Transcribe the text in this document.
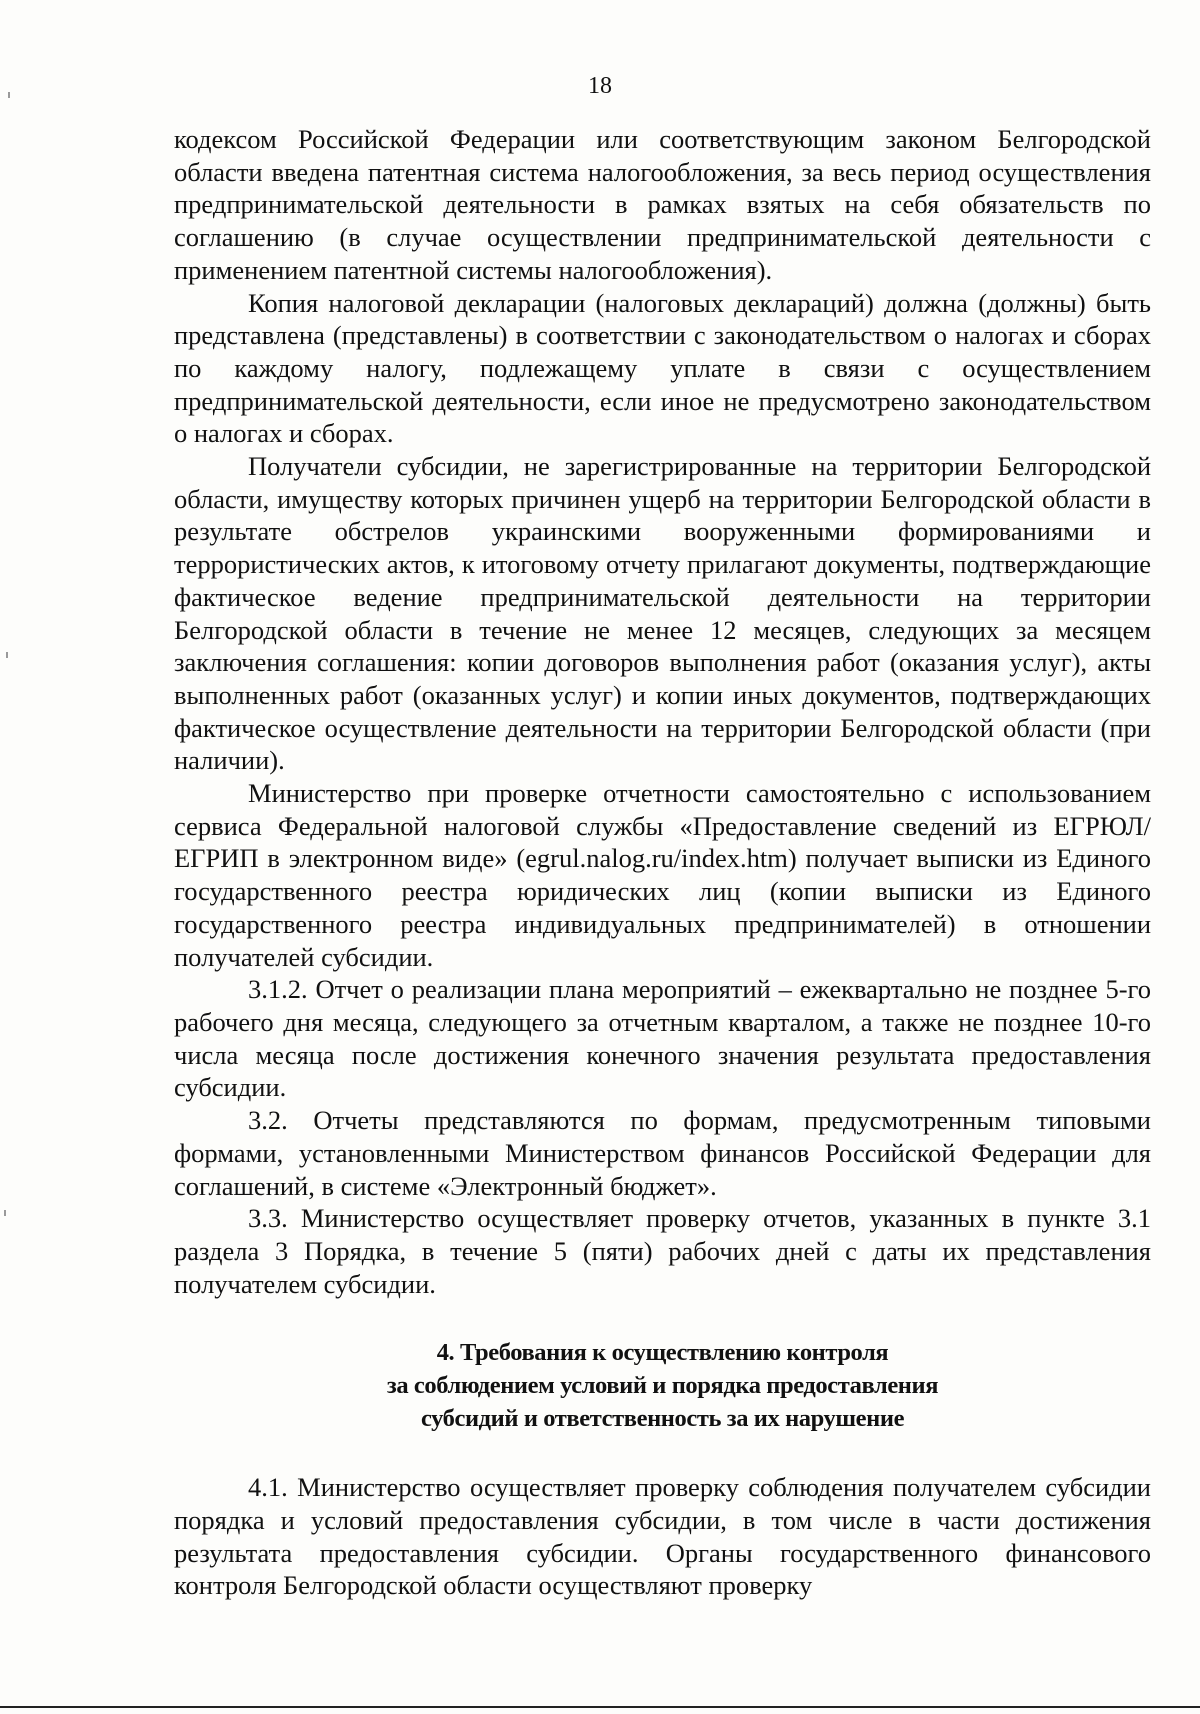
18

кодексом Российской Федерации или соответствующим законом Белгородской области введена патентная система налогообложения, за весь период осуществления предпринимательской деятельности в рамках взятых на себя обязательств по соглашению (в случае осуществлении предпринимательской деятельности с применением патентной системы налогообложения).

Копия налоговой декларации (налоговых деклараций) должна (должны) быть представлена (представлены) в соответствии с законодательством о налогах и сборах по каждому налогу, подлежащему уплате в связи с осуществлением предпринимательской деятельности, если иное не предусмотрено законодательством о налогах и сборах.

Получатели субсидии, не зарегистрированные на территории Белгородской области, имуществу которых причинен ущерб на территории Белгородской области в результате обстрелов украинскими вооруженными формированиями и террористических актов, к итоговому отчету прилагают документы, подтверждающие фактическое ведение предпринимательской деятельности на территории Белгородской области в течение не менее 12 месяцев, следующих за месяцем заключения соглашения: копии договоров выполнения работ (оказания услуг), акты выполненных работ (оказанных услуг) и копии иных документов, подтверждающих фактическое осуществление деятельности на территории Белгородской области (при наличии).

Министерство при проверке отчетности самостоятельно с использованием сервиса Федеральной налоговой службы «Предоставление сведений из ЕГРЮЛ/ЕГРИП в электронном виде» (egrul.nalog.ru/index.htm) получает выписки из Единого государственного реестра юридических лиц (копии выписки из Единого государственного реестра индивидуальных предпринимателей) в отношении получателей субсидии.

3.1.2. Отчет о реализации плана мероприятий – ежеквартально не позднее 5-го рабочего дня месяца, следующего за отчетным кварталом, а также не позднее 10-го числа месяца после достижения конечного значения результата предоставления субсидии.

3.2. Отчеты представляются по формам, предусмотренным типовыми формами, установленными Министерством финансов Российской Федерации для соглашений, в системе «Электронный бюджет».

3.3. Министерство осуществляет проверку отчетов, указанных в пункте 3.1 раздела 3 Порядка, в течение 5 (пяти) рабочих дней с даты их представления получателем субсидии.

4. Требования к осуществлению контроля
за соблюдением условий и порядка предоставления
субсидий и ответственность за их нарушение

4.1. Министерство осуществляет проверку соблюдения получателем субсидии порядка и условий предоставления субсидии, в том числе в части достижения результата предоставления субсидии. Органы государственного финансового контроля Белгородской области осуществляют проверку
